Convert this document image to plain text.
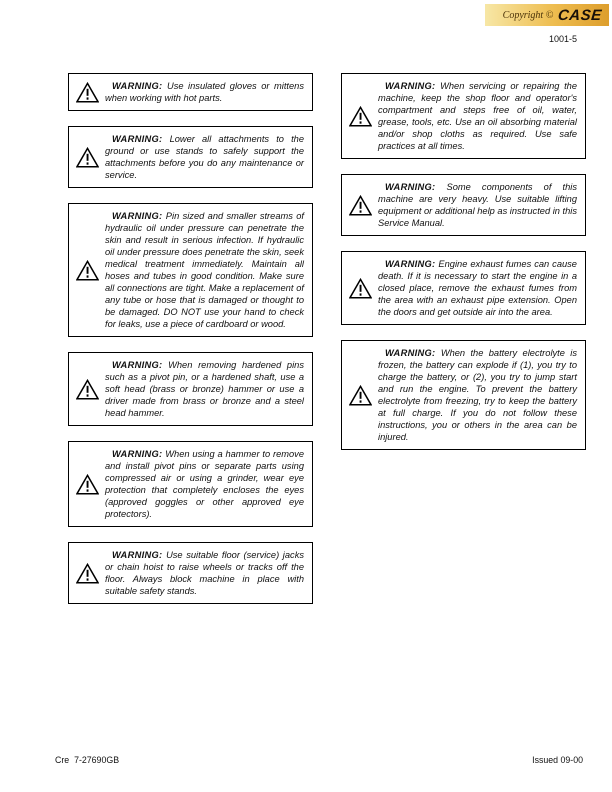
Copyright © CASE
1001-5

WARNING: Use insulated gloves or mittens when working with hot parts.

WARNING: Lower all attachments to the ground or use stands to safely support the attachments before you do any maintenance or service.

WARNING: Pin sized and smaller streams of hydraulic oil under pressure can penetrate the skin and result in serious infection. If hydraulic oil under pressure does penetrate the skin, seek medical treatment immediately. Maintain all hoses and tubes in good condition. Make sure all connections are tight. Make a replacement of any tube or hose that is damaged or thought to be damaged. DO NOT use your hand to check for leaks, use a piece of cardboard or wood.

WARNING: When removing hardened pins such as a pivot pin, or a hardened shaft, use a soft head (brass or bronze) hammer or use a driver made from brass or bronze and a steel head hammer.

WARNING: When using a hammer to remove and install pivot pins or separate parts using compressed air or using a grinder, wear eye protection that completely encloses the eyes (approved goggles or other approved eye protectors).

WARNING: Use suitable floor (service) jacks or chain hoist to raise wheels or tracks off the floor. Always block machine in place with suitable safety stands.

WARNING: When servicing or repairing the machine, keep the shop floor and operator's compartment and steps free of oil, water, grease, tools, etc. Use an oil absorbing material and/or shop cloths as required. Use safe practices at all times.

WARNING: Some components of this machine are very heavy. Use suitable lifting equipment or additional help as instructed in this Service Manual.

WARNING: Engine exhaust fumes can cause death. If it is necessary to start the engine in a closed place, remove the exhaust fumes from the area with an exhaust pipe extension. Open the doors and get outside air into the area.

WARNING: When the battery electrolyte is frozen, the battery can explode if (1), you try to charge the battery, or (2), you try to jump start and run the engine. To prevent the battery electrolyte from freezing, try to keep the battery at full charge. If you do not follow these instructions, you or others in the area can be injured.

Cre  7-27690GB	Issued 09-00
